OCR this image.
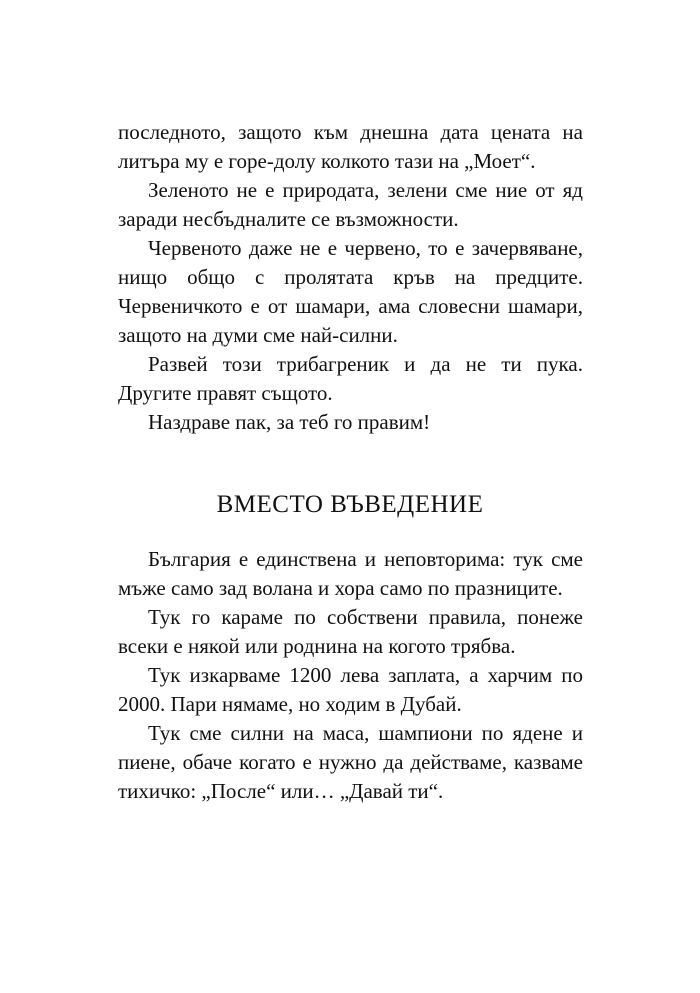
последното, защото към днешна дата цената на литъра му е горе-долу колкото тази на „Моет“.

Зеленото не е природата, зелени сме ние от яд заради несбъдналите се възможности.

Червеното даже не е червено, то е зачервяване, нищо общо с пролятата кръв на предците. Червеничкото е от шамари, ама словесни шамари, защото на думи сме най-силни.

Развей този трибагреник и да не ти пука. Другите правят същото.

Наздраве пак, за теб го правим!

ВМЕСТО ВЪВЕДЕНИЕ

България е единствена и неповторима: тук сме мъже само зад волана и хора само по празниците.

Тук го караме по собствени правила, понеже всеки е някой или роднина на когото трябва.

Тук изкарваме 1200 лева заплата, а харчим по 2000. Пари нямаме, но ходим в Дубай.

Тук сме силни на маса, шампиони по ядене и пиене, обаче когато е нужно да действаме, казваме тихичко: „После“ или… „Давай ти“.
